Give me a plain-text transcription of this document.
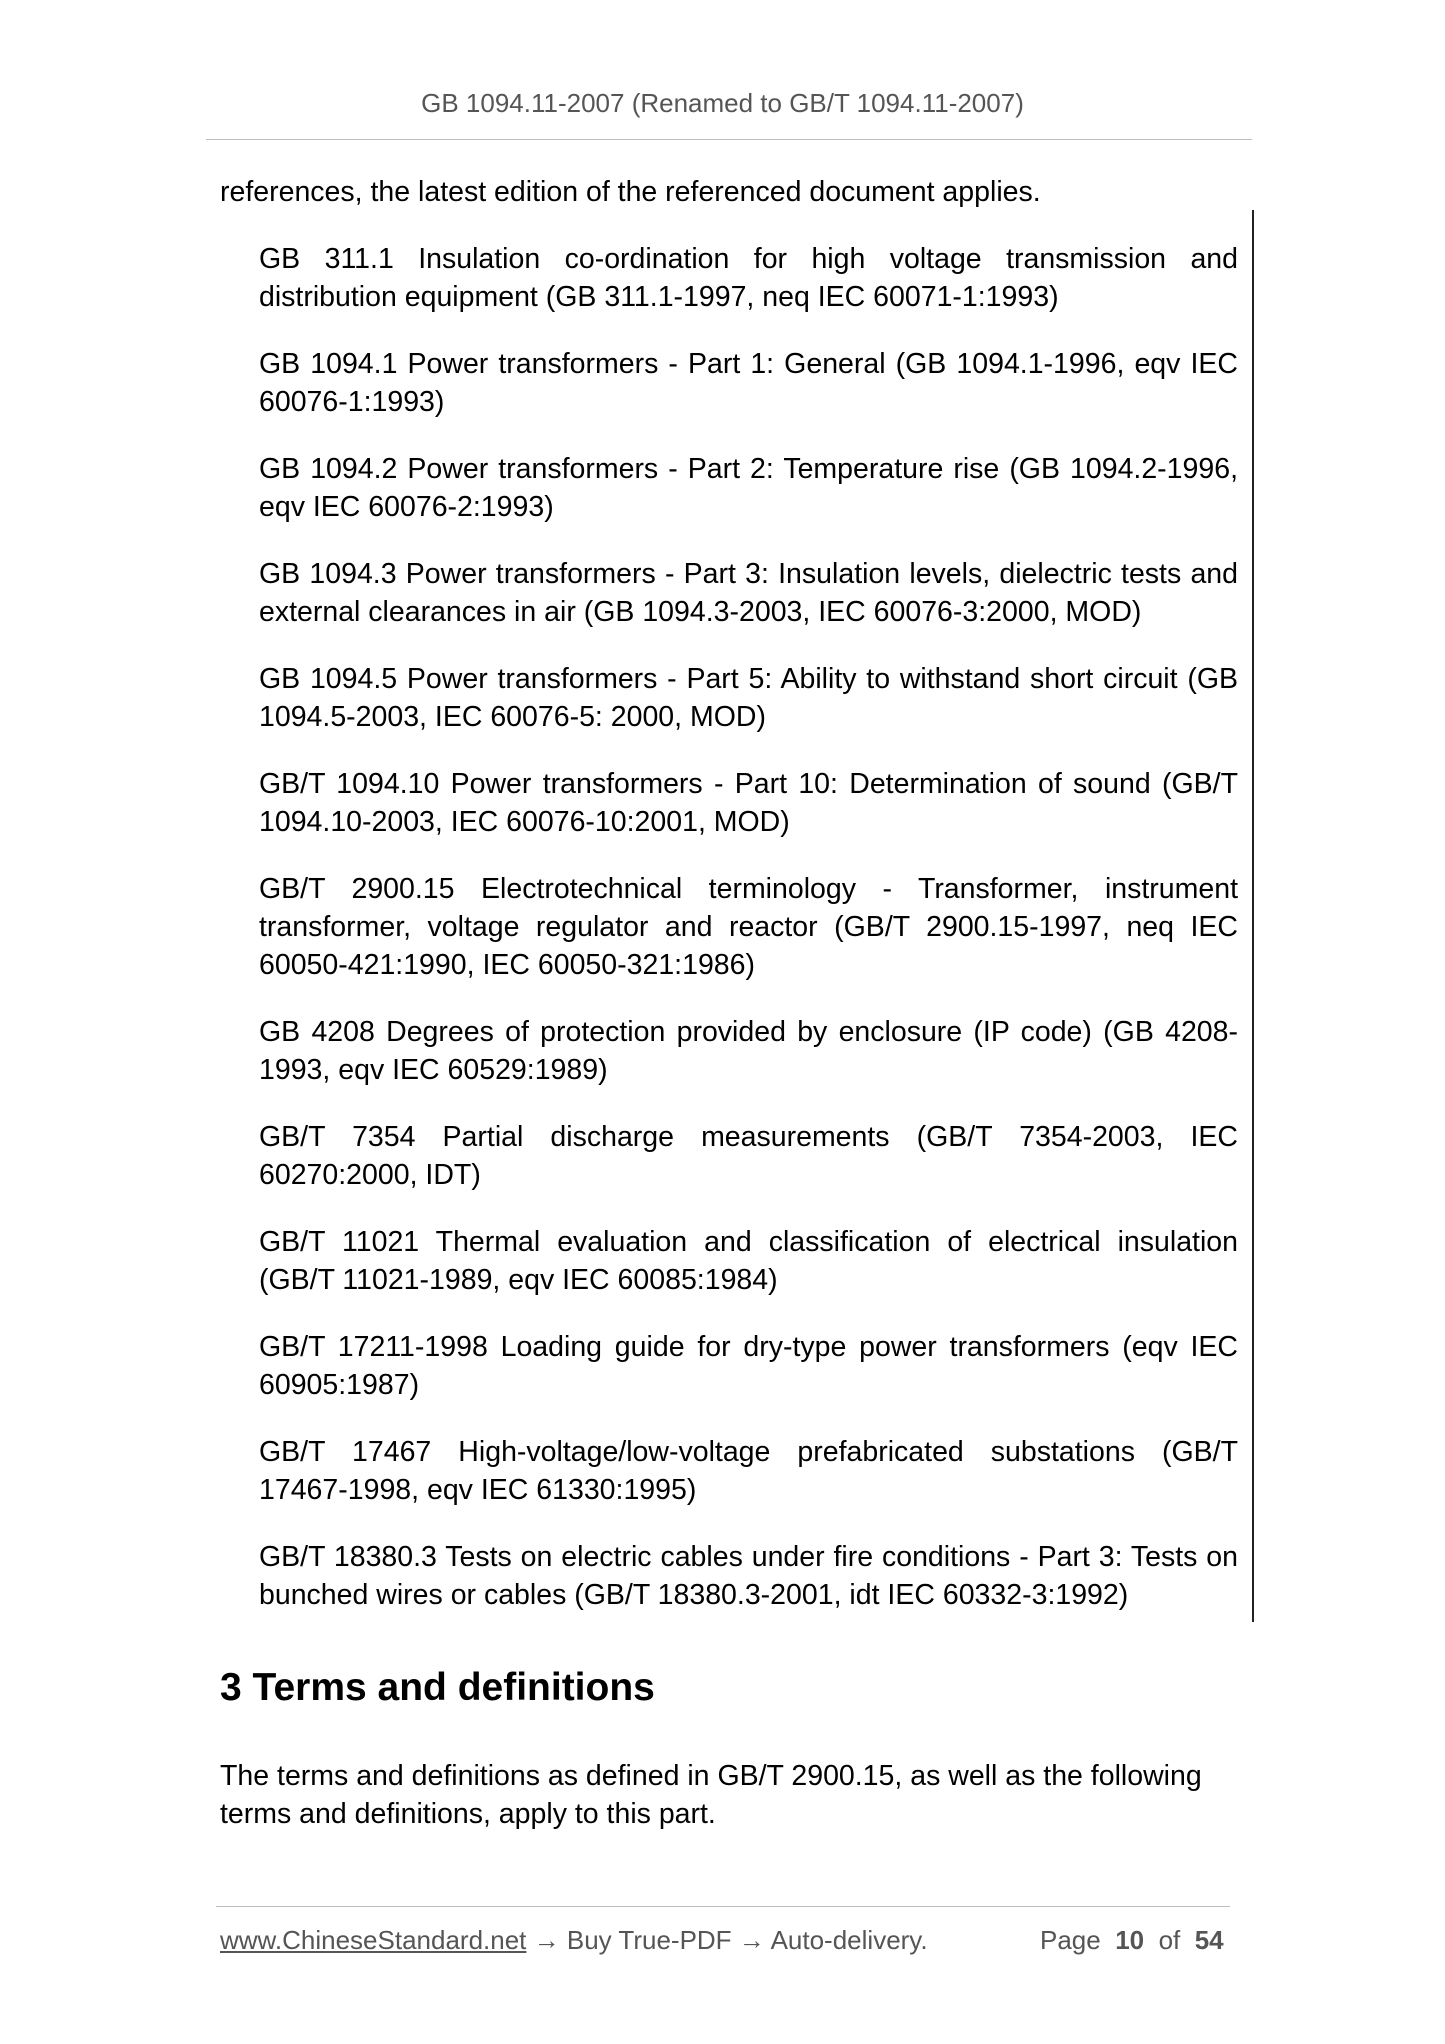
GB 1094.11-2007 (Renamed to GB/T 1094.11-2007)
references, the latest edition of the referenced document applies.

GB 311.1 Insulation co-ordination for high voltage transmission and distribution equipment (GB 311.1-1997, neq IEC 60071-1:1993)

GB 1094.1 Power transformers - Part 1: General (GB 1094.1-1996, eqv IEC 60076-1:1993)

GB 1094.2 Power transformers - Part 2: Temperature rise (GB 1094.2-1996, eqv IEC 60076-2:1993)

GB 1094.3 Power transformers - Part 3: Insulation levels, dielectric tests and external clearances in air (GB 1094.3-2003, IEC 60076-3:2000, MOD)

GB 1094.5 Power transformers - Part 5: Ability to withstand short circuit (GB 1094.5-2003, IEC 60076-5: 2000, MOD)

GB/T 1094.10 Power transformers - Part 10: Determination of sound (GB/T 1094.10-2003, IEC 60076-10:2001, MOD)

GB/T 2900.15 Electrotechnical terminology - Transformer, instrument transformer, voltage regulator and reactor (GB/T 2900.15-1997, neq IEC 60050-421:1990, IEC 60050-321:1986)

GB 4208 Degrees of protection provided by enclosure (IP code) (GB 4208-1993, eqv IEC 60529:1989)

GB/T 7354 Partial discharge measurements (GB/T 7354-2003, IEC 60270:2000, IDT)

GB/T 11021 Thermal evaluation and classification of electrical insulation (GB/T 11021-1989, eqv IEC 60085:1984)

GB/T 17211-1998 Loading guide for dry-type power transformers (eqv IEC 60905:1987)

GB/T 17467 High-voltage/low-voltage prefabricated substations (GB/T 17467-1998, eqv IEC 61330:1995)

GB/T 18380.3 Tests on electric cables under fire conditions - Part 3: Tests on bunched wires or cables (GB/T 18380.3-2001, idt IEC 60332-3:1992)

3 Terms and definitions
The terms and definitions as defined in GB/T 2900.15, as well as the following terms and definitions, apply to this part.
www.ChineseStandard.net → Buy True-PDF → Auto-delivery.	Page 10 of 54
